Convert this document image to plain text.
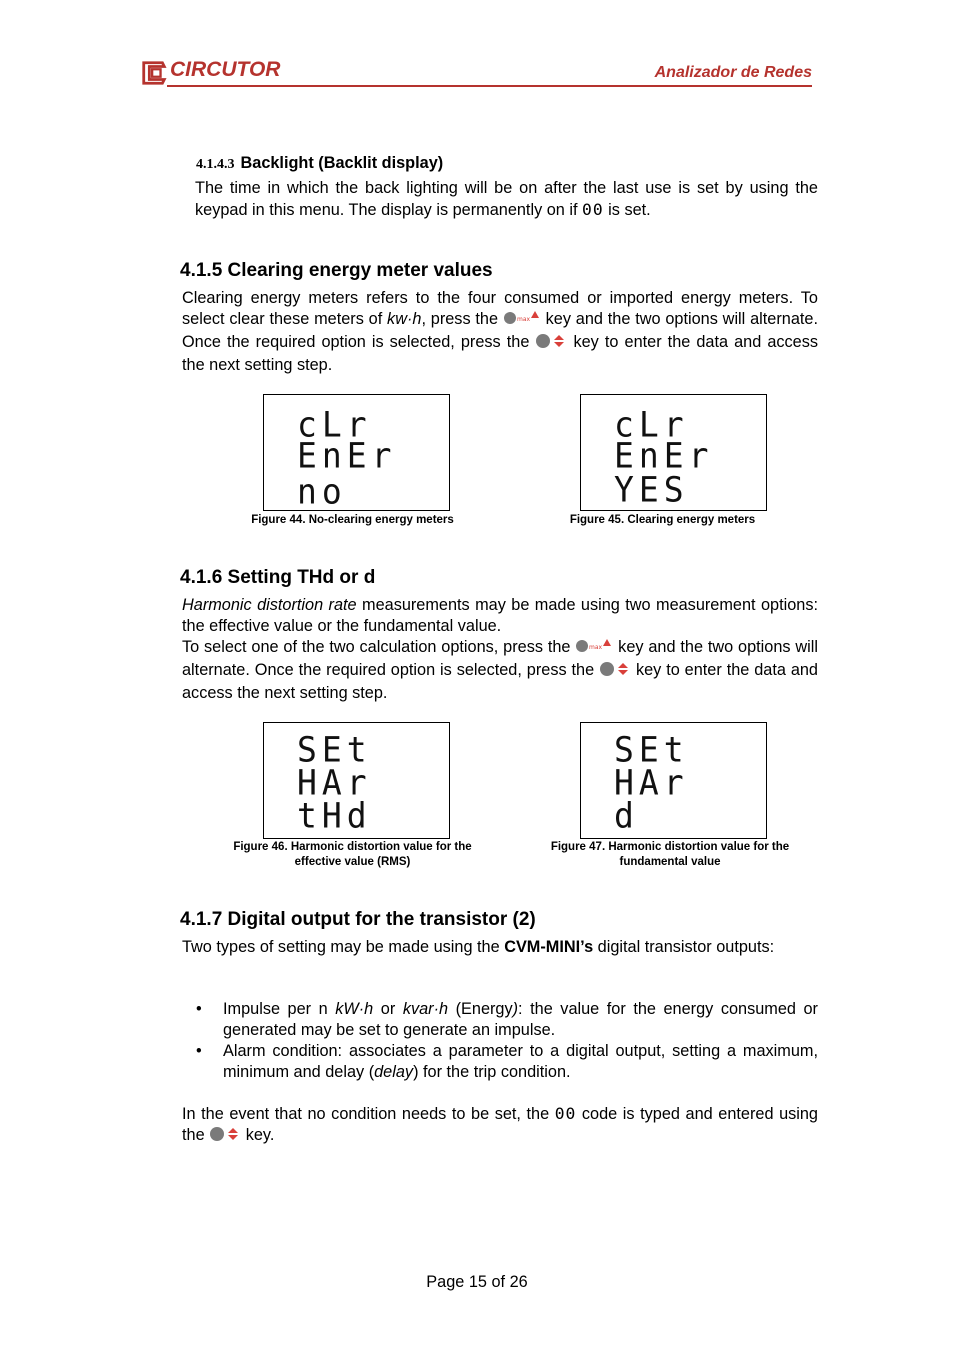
CIRCUTOR	Analizador de Redes
4.1.4.3 Backlight (Backlit display)
The time in which the back lighting will be on after the last use is set by using the keypad in this menu. The display is permanently on if 00 is set.
4.1.5 Clearing energy meter values
Clearing energy meters refers to the four consumed or imported energy meters. To select clear these meters of kw·h, press the max key and the two options will alternate. Once the required option is selected, press the  key to enter the data and access the next setting step.
cLr
EnEr
no
Figure 44. No-clearing energy meters
cLr
EnEr
YES
Figure 45. Clearing energy meters
4.1.6 Setting THd or d
Harmonic distortion rate measurements may be made using two measurement options: the effective value or the fundamental value.
To select one of the two calculation options, press the max key and the two options will alternate. Once the required option is selected, press the  key to enter the data and access the next setting step.
SEt
HAr
tHd
Figure 46. Harmonic distortion value for the
effective value (RMS)
SEt
HAr
d
Figure 47. Harmonic distortion value for the
fundamental value
4.1.7 Digital output for the transistor (2)
Two types of setting may be made using the CVM-MINI’s digital transistor outputs:
• Impulse per n kW·h or kvar·h (Energy): the value for the energy consumed or generated may be set to generate an impulse.
• Alarm condition: associates a parameter to a digital output, setting a maximum, minimum and delay (delay) for the trip condition.
In the event that no condition needs to be set, the 00 code is typed and entered using the  key.
Page 15 of 26
